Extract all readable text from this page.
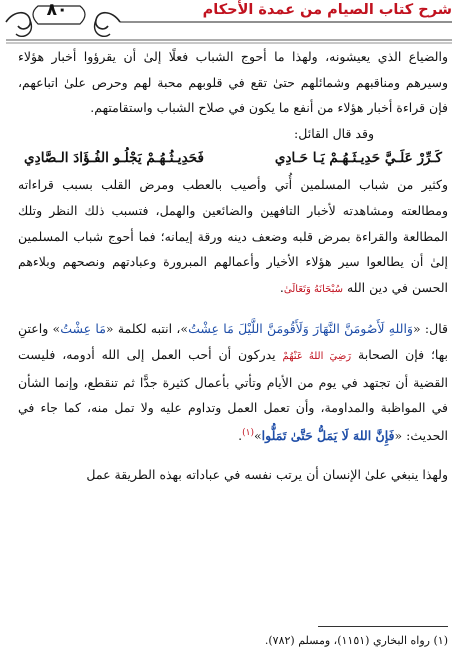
شرح كتاب الصيام من عمدة الأحكام
٨٠

والضياع الذي يعيشونه، ولهذا ما أحوج الشباب فعلًا إلىٰ أن يقرؤوا أخبار هؤلاء وسيرهم ومناقبهم وشمائلهم حتىٰ تقع في قلوبهم محبة لهم وحرص علىٰ اتباعهم، فإن قراءة أخبار هؤلاء من أنفع ما يكون في صلاح الشباب واستقامتهم.

وقد قال القائل:

كَـرِّرْ عَلَـيَّ حَدِيـثَـهُـمْ يَـا حَـادِي
فَحَدِيـثُـهُـمْ يَجْلُـو الفُـؤَادَ الـصَّادِي

وكثير من شباب المسلمين أُتي وأصيب بالعطب ومرض القلب بسبب قراءاته ومطالعته ومشاهدته لأخبار التافهين والضائعين والهمل، فتسبب ذلك النظر وتلك المطالعة والقراءة بمرض قلبه وضعف دينه ورقة إيمانه؛ فما أحوج شباب المسلمين إلىٰ أن يطالعوا سير هؤلاء الأخيار وأعمالهم المبرورة وعبادتهم ونصحهم وبلاءهم الحسن في دين الله سُبْحَانَهُ وَتَعَالَىٰ.

قال: «وَاللهِ لَأَصُومَنَّ النَّهَارَ وَلَأَقُومَنَّ اللَّيْلَ مَا عِشْتُ»، انتبه لكلمة «مَا عِشْتُ» واعتنِ بها؛ فإن الصحابة رَضِيَ اللهُ عَنْهُمْ يدركون أن أحب العمل إلى الله أدومه، فليست القضية أن تجتهد في يوم من الأيام وتأتي بأعمال كثيرة جدًّا ثم تنقطع، وإنما الشأن في المواظبة والمداومة، وأن تعمل العمل وتداوم عليه ولا تمل منه، كما جاء في الحديث: «فَإِنَّ اللهَ لَا يَمَلُّ حَتَّىٰ تَمَلُّوا»$^{(١)}$.

ولهذا ينبغي علىٰ الإنسان أن يرتب نفسه في عباداته بهذه الطريقة عمل

(١) رواه البخاري (١١٥١)، ومسلم (٧٨٢).
